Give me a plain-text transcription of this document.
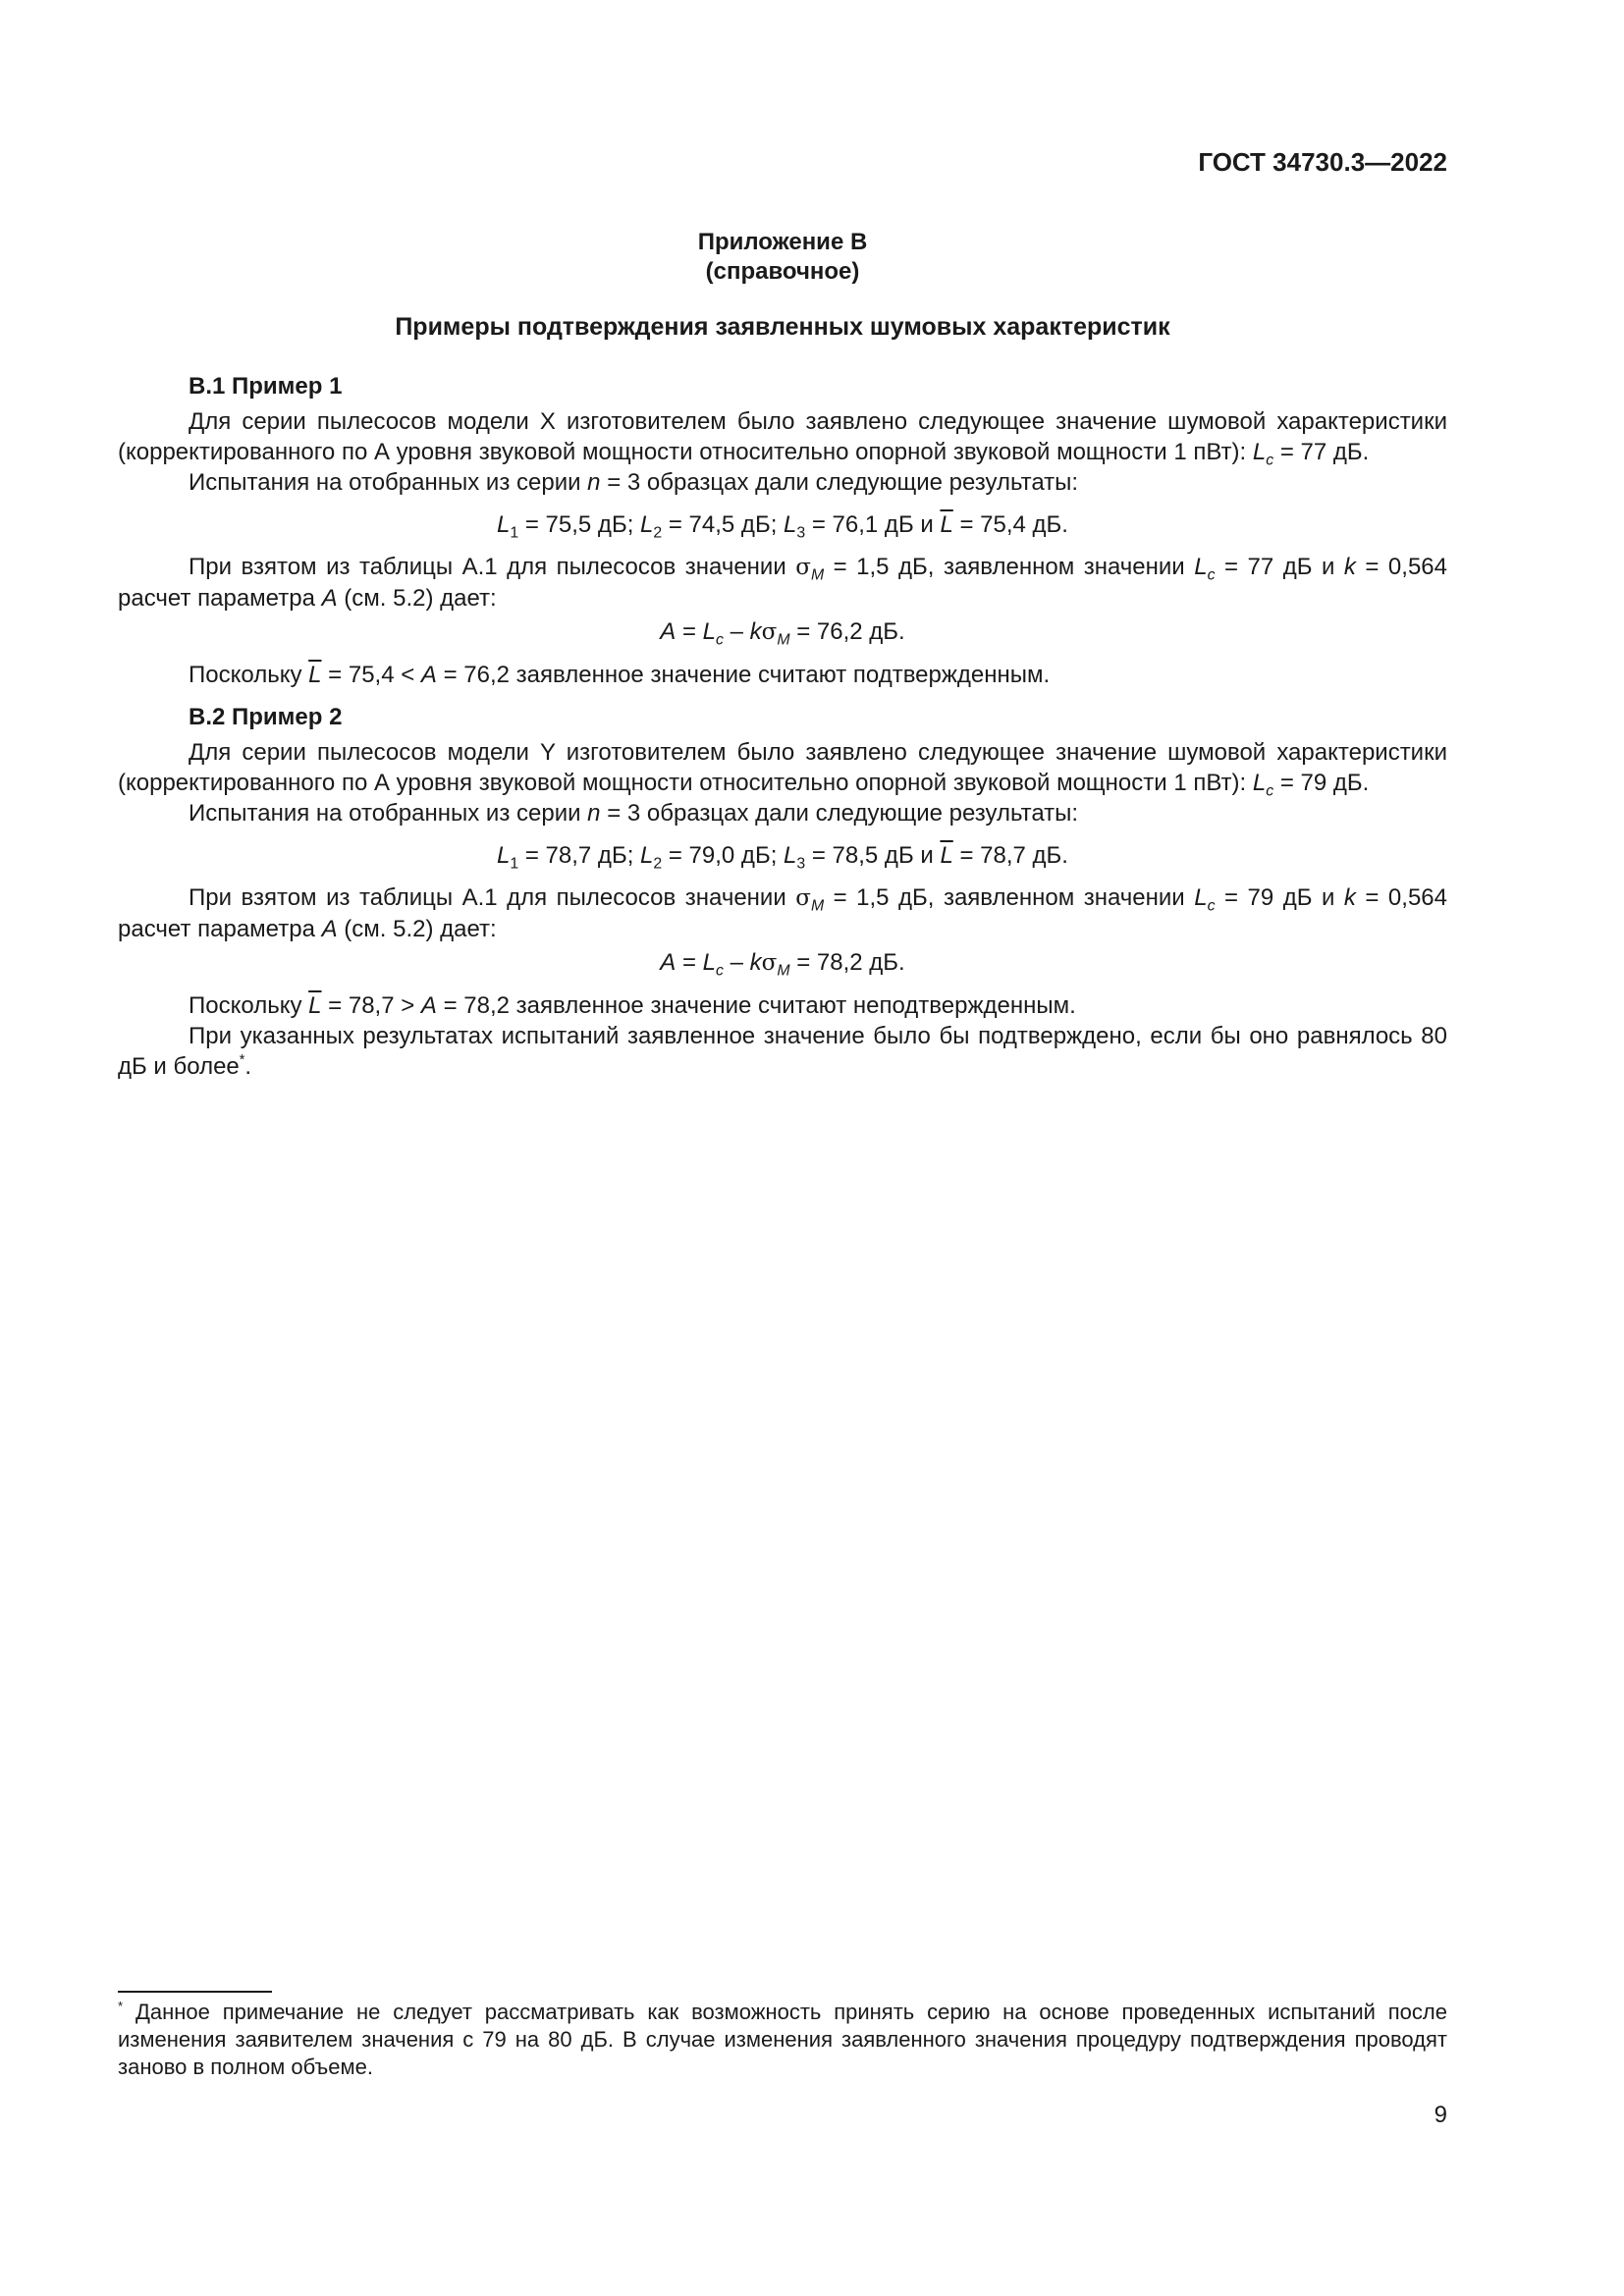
ГОСТ 34730.3—2022
Приложение В
(справочное)
Примеры подтверждения заявленных шумовых характеристик
В.1 Пример 1

Для серии пылесосов модели X изготовителем было заявлено следующее значение шумовой характеристики (корректированного по А уровня звуковой мощности относительно опорной звуковой мощности 1 пВт): $L_c = 77$ дБ.

Испытания на отобранных из серии n = 3 образцах дали следующие результаты:

$L_1 = 75,5$ дБ; $L_2 = 74,5$ дБ; $L_3 = 76,1$ дБ и $\overline{L} = 75,4$ дБ.

При взятом из таблицы А.1 для пылесосов значении $\sigma_M = 1,5$ дБ, заявленном значении $L_c = 77$ дБ и k = 0,564 расчет параметра A (см. 5.2) дает:

$A = L_c - k\sigma_M = 76,2$ дБ.

Поскольку $\overline{L} = 75,4 < A = 76,2$ заявленное значение считают подтвержденным.

В.2 Пример 2

Для серии пылесосов модели Y изготовителем было заявлено следующее значение шумовой характеристики (корректированного по А уровня звуковой мощности относительно опорной звуковой мощности 1 пВт): $L_c = 79$ дБ.

Испытания на отобранных из серии n = 3 образцах дали следующие результаты:

$L_1 = 78,7$ дБ; $L_2 = 79,0$ дБ; $L_3 = 78,5$ дБ и $\overline{L} = 78,7$ дБ.

При взятом из таблицы А.1 для пылесосов значении $\sigma_M = 1,5$ дБ, заявленном значении $L_c = 79$ дБ и k = 0,564 расчет параметра A (см. 5.2) дает:

$A = L_c - k\sigma_M = 78,2$ дБ.

Поскольку $\overline{L} = 78,7 > A = 78,2$ заявленное значение считают неподтвержденным.

При указанных результатах испытаний заявленное значение было бы подтверждено, если бы оно равнялось 80 дБ и более*.

* Данное примечание не следует рассматривать как возможность принять серию на основе проведенных испытаний после изменения заявителем значения с 79 на 80 дБ. В случае изменения заявленного значения процедуру подтверждения проводят заново в полном объеме.
9
